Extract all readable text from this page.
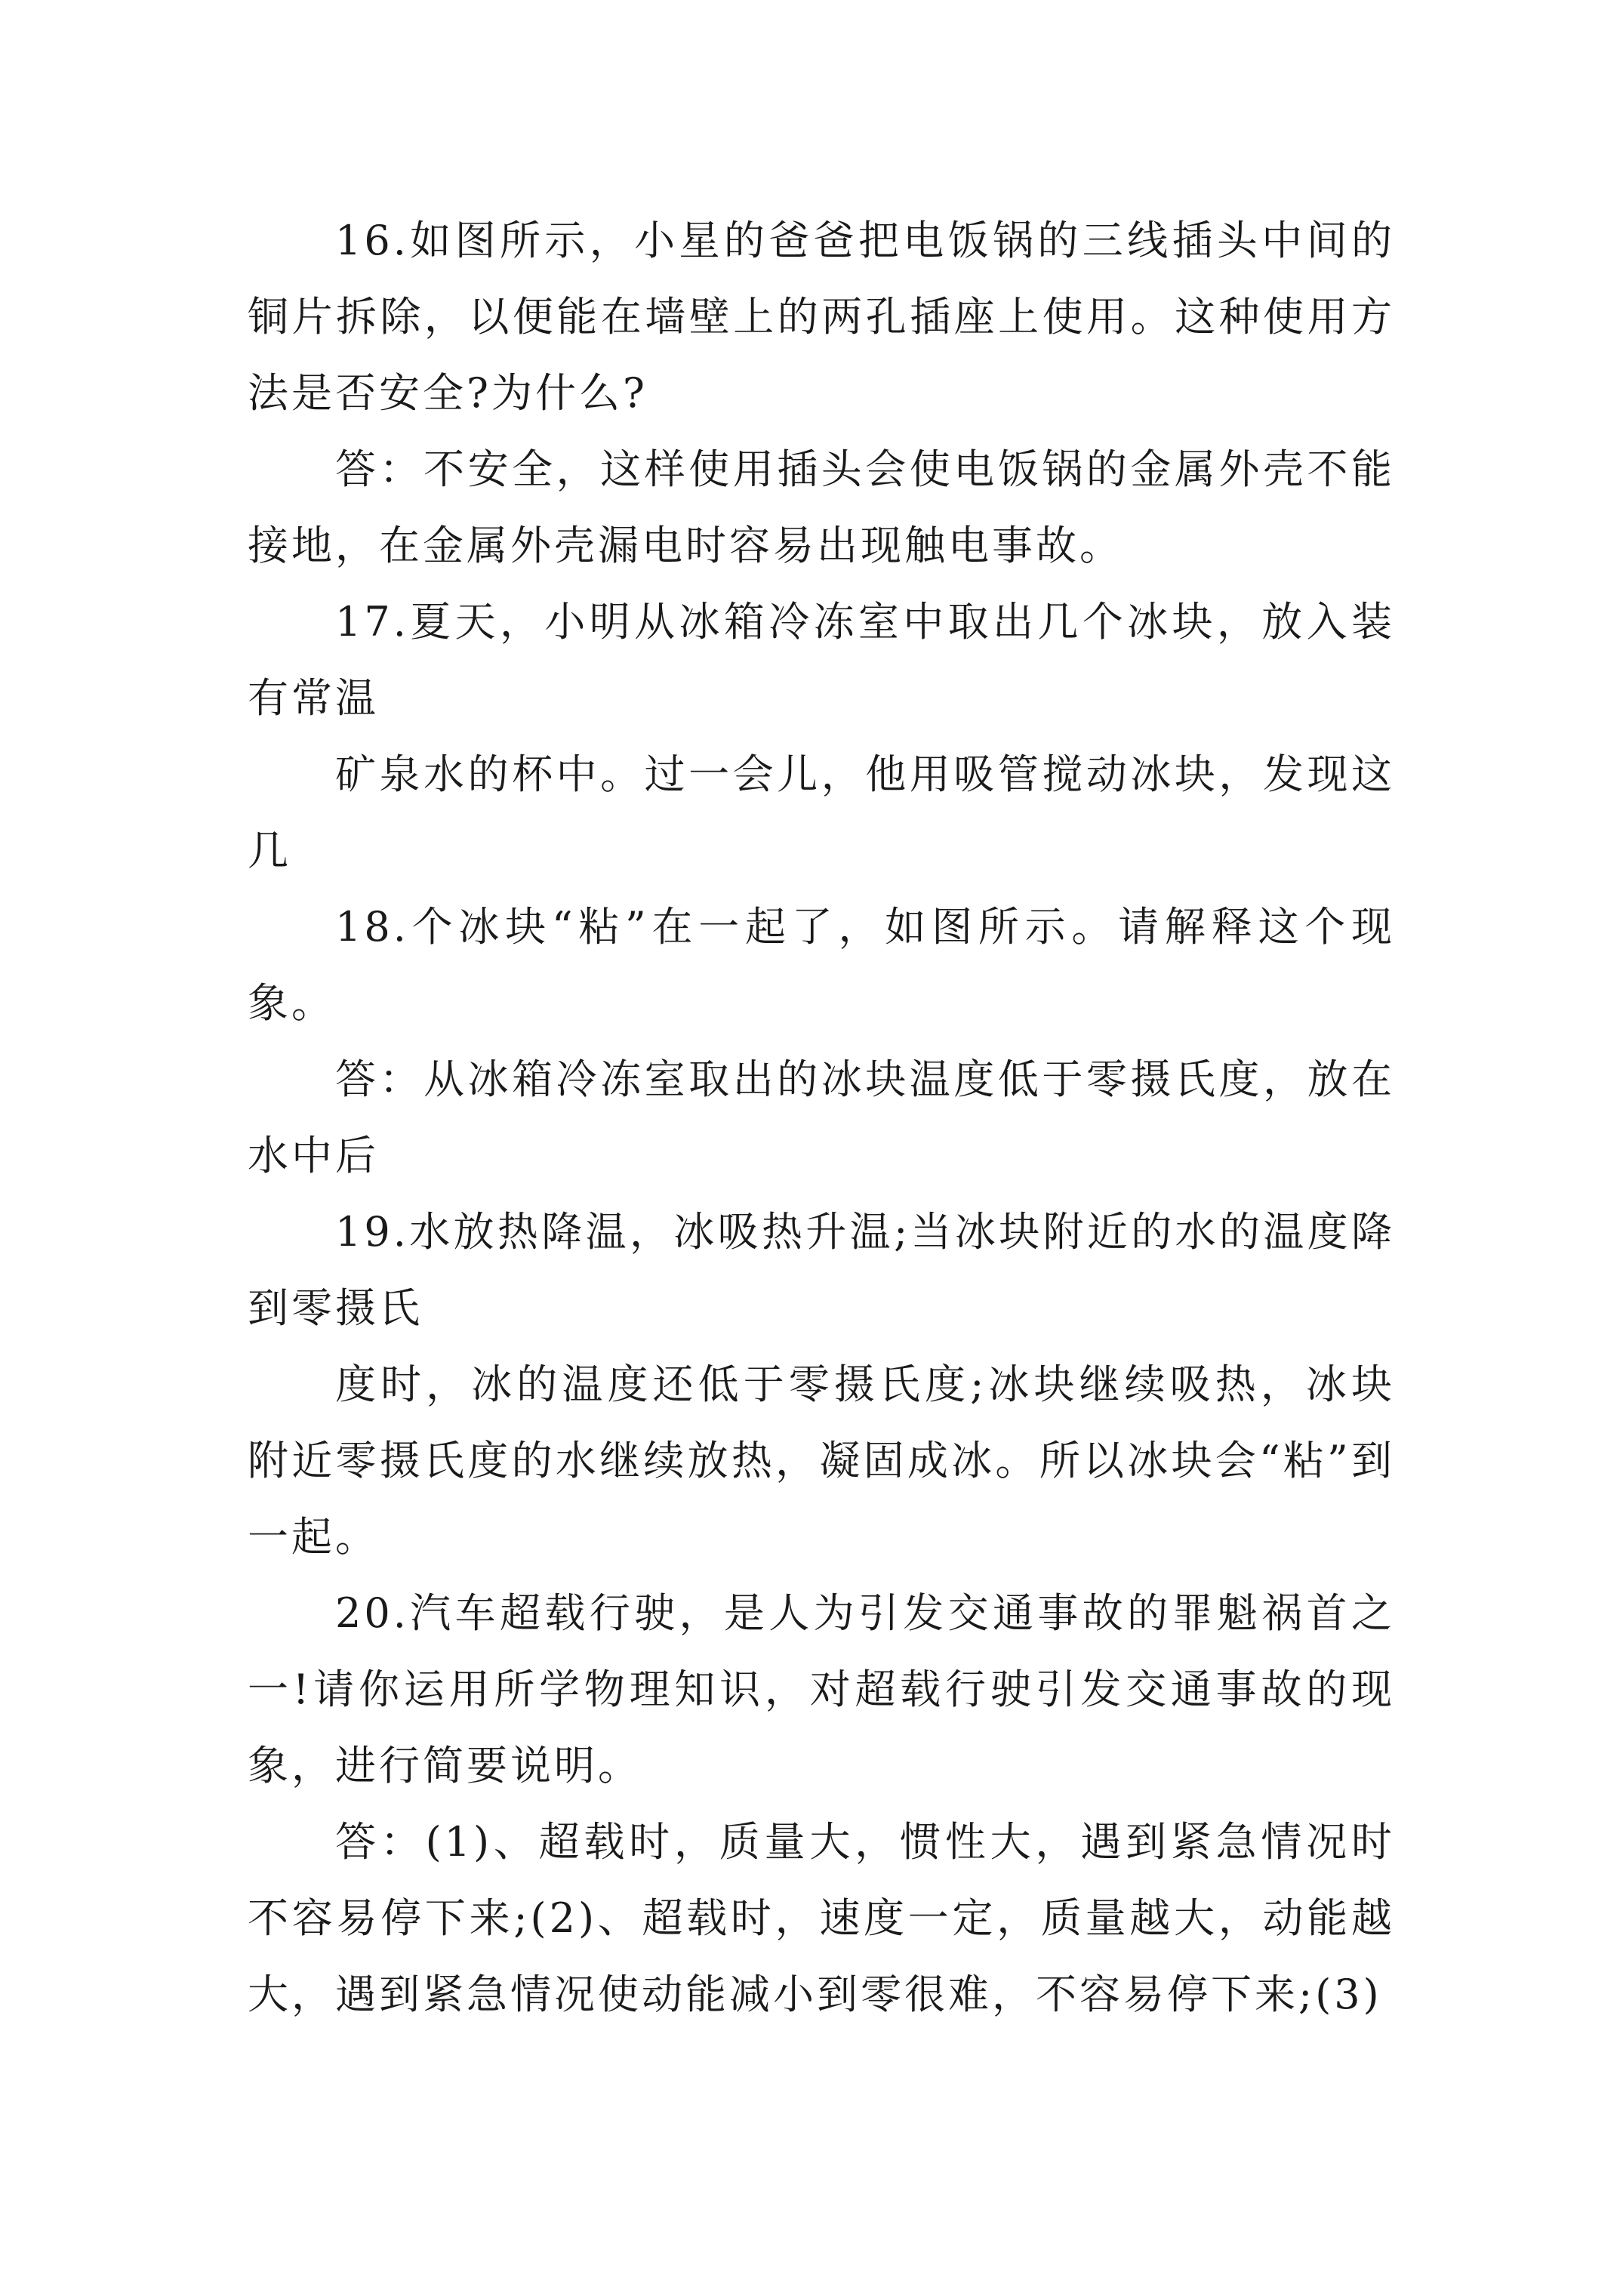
16.如图所示，小星的爸爸把电饭锅的三线插头中间的铜片拆除，以便能在墙壁上的两孔插座上使用。这种使用方法是否安全?为什么?

答：不安全，这样使用插头会使电饭锅的金属外壳不能接地，在金属外壳漏电时容易出现触电事故。

17.夏天，小明从冰箱冷冻室中取出几个冰块，放入装有常温

矿泉水的杯中。过一会儿，他用吸管搅动冰块，发现这几

18.个冰块“粘”在一起了，如图所示。请解释这个现象。

答：从冰箱冷冻室取出的冰块温度低于零摄氏度，放在水中后

19.水放热降温，冰吸热升温;当冰块附近的水的温度降到零摄氏

度时，冰的温度还低于零摄氏度;冰块继续吸热，冰块附近零摄氏度的水继续放热，凝固成冰。所以冰块会“粘”到一起。

20.汽车超载行驶，是人为引发交通事故的罪魁祸首之一!请你运用所学物理知识，对超载行驶引发交通事故的现象，进行简要说明。

答：(1)、超载时，质量大，惯性大，遇到紧急情况时不容易停下来;(2)、超载时，速度一定，质量越大，动能越大，遇到紧急情况使动能减小到零很难，不容易停下来;(3)
